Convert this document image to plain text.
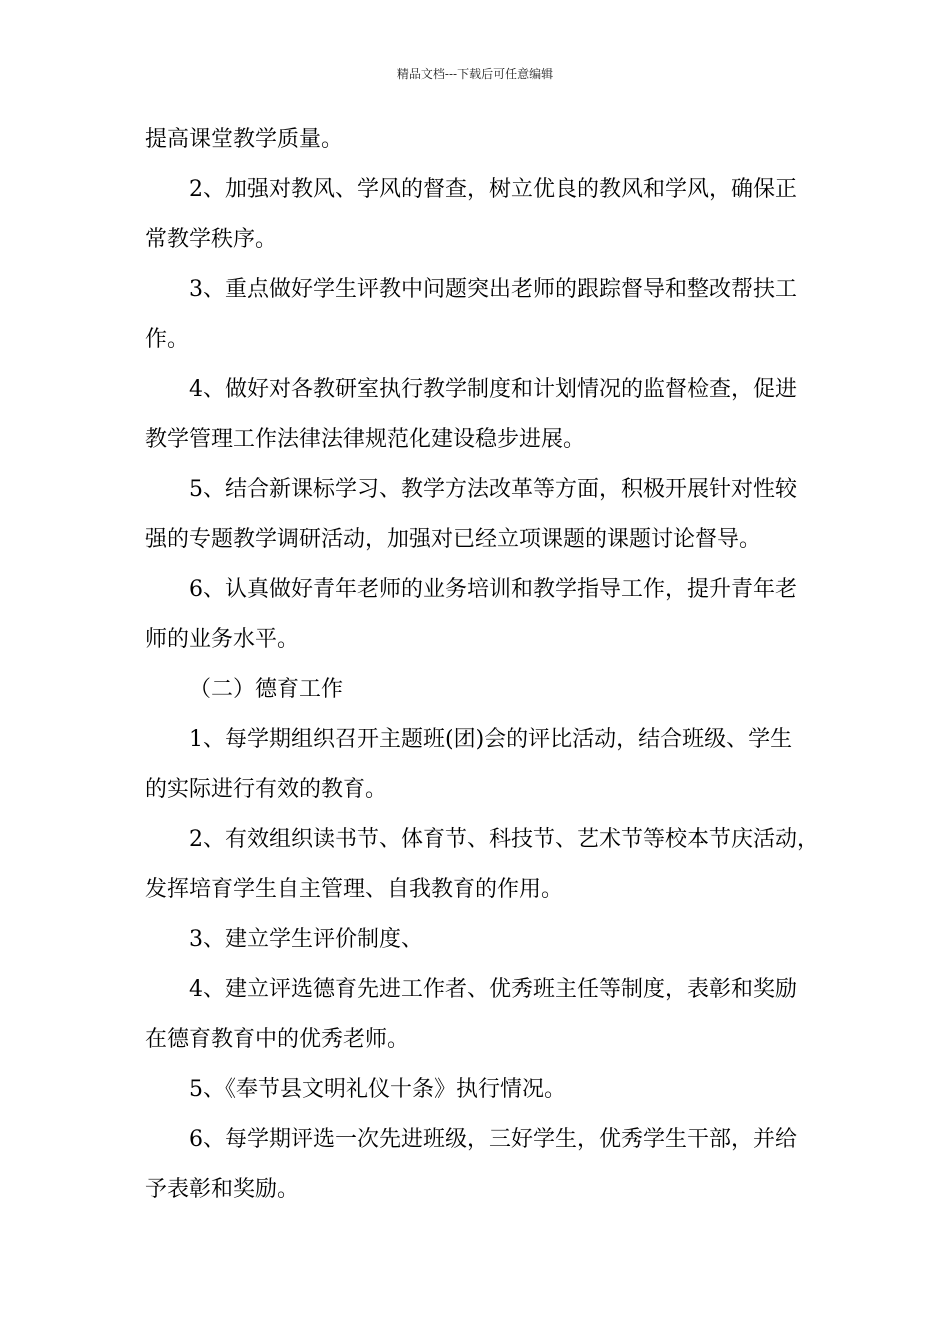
精品文档---下载后可任意编辑

提高课堂教学质量。

2、加强对教风、学风的督查，树立优良的教风和学风，确保正

常教学秩序。

3、重点做好学生评教中问题突出老师的跟踪督导和整改帮扶工

作。

4、做好对各教研室执行教学制度和计划情况的监督检查，促进

教学管理工作法律法律规范化建设稳步进展。

5、结合新课标学习、教学方法改革等方面，积极开展针对性较

强的专题教学调研活动，加强对已经立项课题的课题讨论督导。

6、认真做好青年老师的业务培训和教学指导工作，提升青年老

师的业务水平。

（二）德育工作

1、每学期组织召开主题班(团)会的评比活动，结合班级、学生

的实际进行有效的教育。

2、有效组织读书节、体育节、科技节、艺术节等校本节庆活动，

发挥培育学生自主管理、自我教育的作用。

3、建立学生评价制度、

4、建立评选德育先进工作者、优秀班主任等制度，表彰和奖励

在德育教育中的优秀老师。

5、《奉节县文明礼仪十条》执行情况。

6、每学期评选一次先进班级，三好学生，优秀学生干部，并给

予表彰和奖励。
